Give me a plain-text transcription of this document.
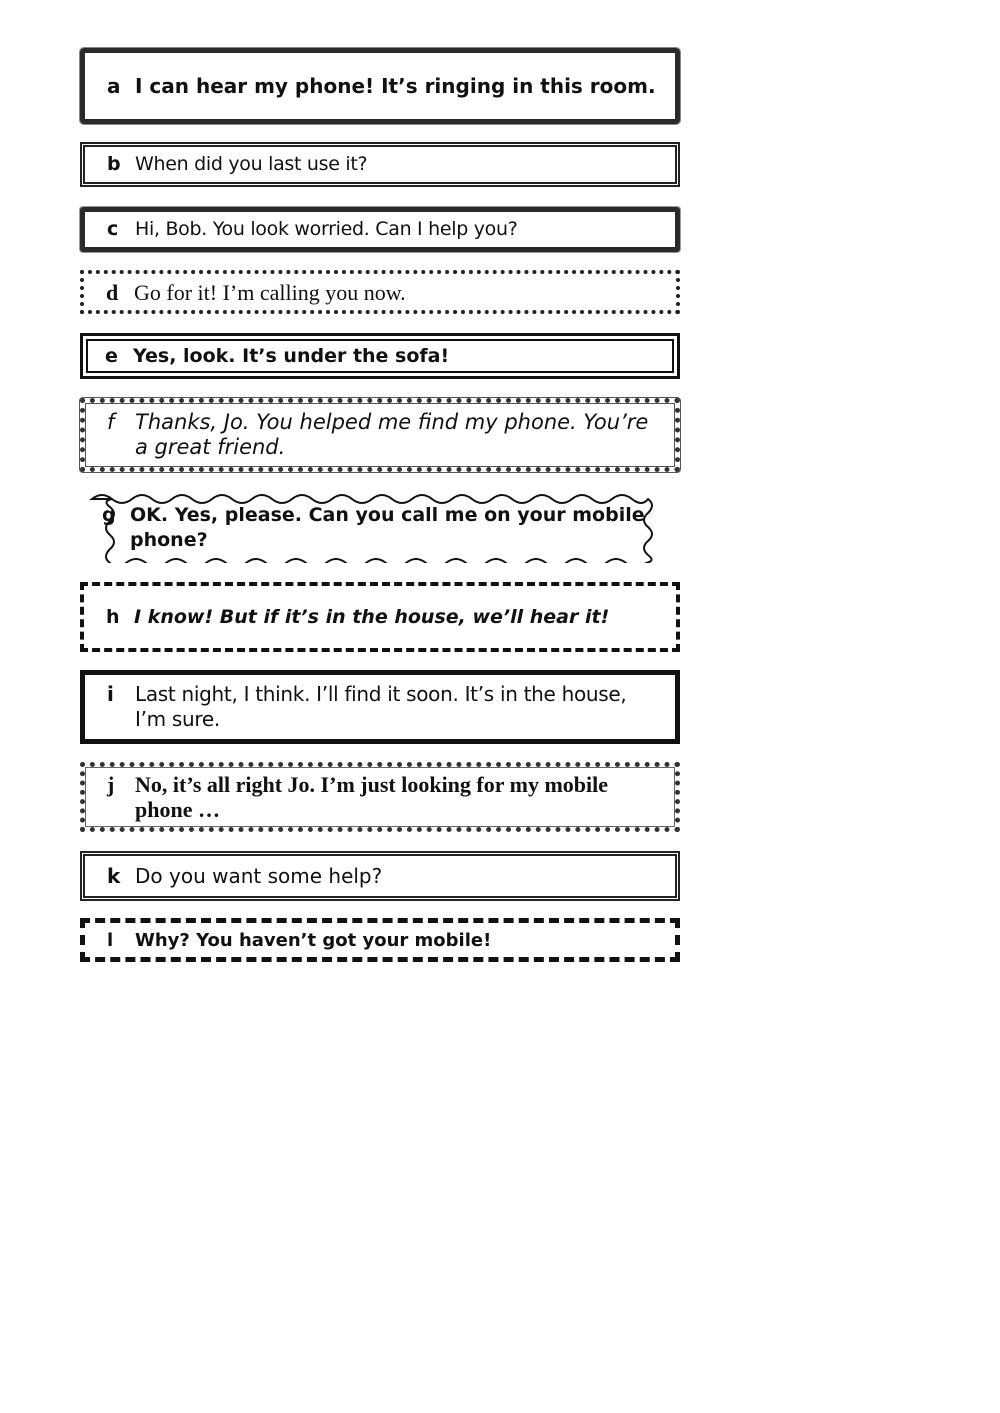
a I can hear my phone! It’s ringing in this room.
b When did you last use it?
c Hi, Bob. You look worried. Can I help you?
d Go for it! I’m calling you now.
e Yes, look. It’s under the sofa!
f Thanks, Jo. You helped me find my phone. You’re a great friend.
g OK. Yes, please. Can you call me on your mobile phone?
h I know! But if it’s in the house, we’ll hear it!
i	Last night, I think. I’ll find it soon. It’s in the house, I’m sure.
j No, it’s all right Jo. I’m just looking for my mobile phone …
k Do you want some help?
l	Why? You haven’t got your mobile!
